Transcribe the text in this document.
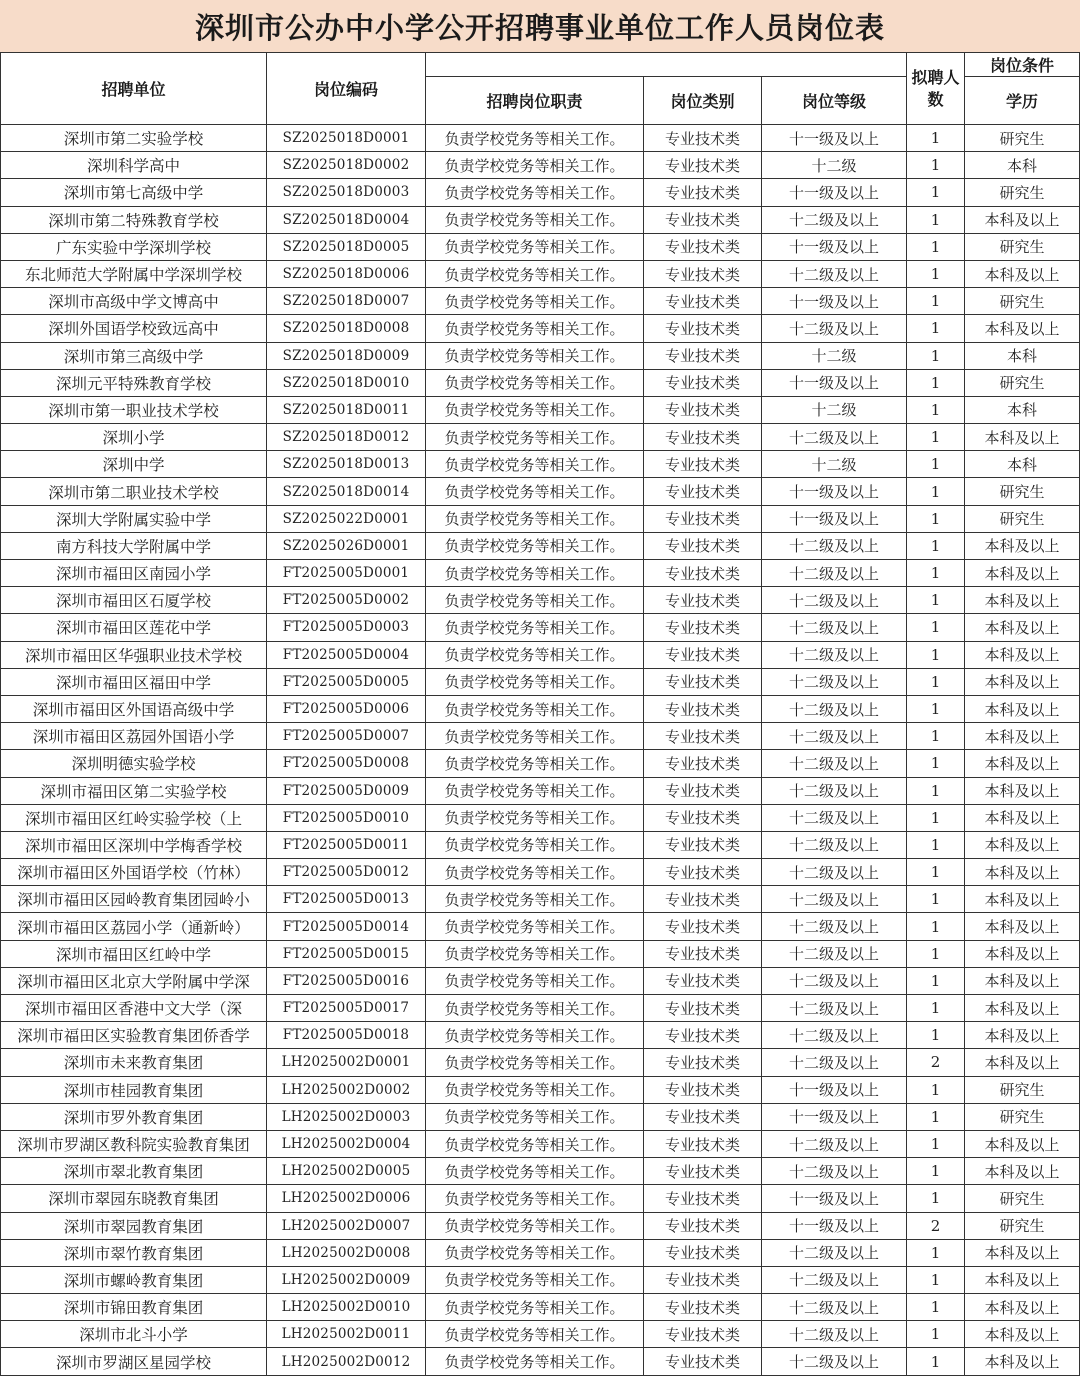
深圳市公办中小学公开招聘事业单位工作人员岗位表
招聘单位	岗位编码				拟聘人数	岗位条件
		招聘岗位职责	岗位类别	岗位等级		学历
深圳市第二实验学校	SZ2025018D0001	负责学校党务等相关工作。	专业技术类	十一级及以上	1	研究生
深圳科学高中	SZ2025018D0002	负责学校党务等相关工作。	专业技术类	十二级	1	本科
深圳市第七高级中学	SZ2025018D0003	负责学校党务等相关工作。	专业技术类	十一级及以上	1	研究生
深圳市第二特殊教育学校	SZ2025018D0004	负责学校党务等相关工作。	专业技术类	十二级及以上	1	本科及以上
广东实验中学深圳学校	SZ2025018D0005	负责学校党务等相关工作。	专业技术类	十一级及以上	1	研究生
东北师范大学附属中学深圳学校	SZ2025018D0006	负责学校党务等相关工作。	专业技术类	十二级及以上	1	本科及以上
深圳市高级中学文博高中	SZ2025018D0007	负责学校党务等相关工作。	专业技术类	十一级及以上	1	研究生
深圳外国语学校致远高中	SZ2025018D0008	负责学校党务等相关工作。	专业技术类	十二级及以上	1	本科及以上
深圳市第三高级中学	SZ2025018D0009	负责学校党务等相关工作。	专业技术类	十二级	1	本科
深圳元平特殊教育学校	SZ2025018D0010	负责学校党务等相关工作。	专业技术类	十一级及以上	1	研究生
深圳市第一职业技术学校	SZ2025018D0011	负责学校党务等相关工作。	专业技术类	十二级	1	本科
深圳小学	SZ2025018D0012	负责学校党务等相关工作。	专业技术类	十二级及以上	1	本科及以上
深圳中学	SZ2025018D0013	负责学校党务等相关工作。	专业技术类	十二级	1	本科
深圳市第二职业技术学校	SZ2025018D0014	负责学校党务等相关工作。	专业技术类	十一级及以上	1	研究生
深圳大学附属实验中学	SZ2025022D0001	负责学校党务等相关工作。	专业技术类	十一级及以上	1	研究生
南方科技大学附属中学	SZ2025026D0001	负责学校党务等相关工作。	专业技术类	十二级及以上	1	本科及以上
深圳市福田区南园小学	FT2025005D0001	负责学校党务等相关工作。	专业技术类	十二级及以上	1	本科及以上
深圳市福田区石厦学校	FT2025005D0002	负责学校党务等相关工作。	专业技术类	十二级及以上	1	本科及以上
深圳市福田区莲花中学	FT2025005D0003	负责学校党务等相关工作。	专业技术类	十二级及以上	1	本科及以上
深圳市福田区华强职业技术学校	FT2025005D0004	负责学校党务等相关工作。	专业技术类	十二级及以上	1	本科及以上
深圳市福田区福田中学	FT2025005D0005	负责学校党务等相关工作。	专业技术类	十二级及以上	1	本科及以上
深圳市福田区外国语高级中学	FT2025005D0006	负责学校党务等相关工作。	专业技术类	十二级及以上	1	本科及以上
深圳市福田区荔园外国语小学	FT2025005D0007	负责学校党务等相关工作。	专业技术类	十二级及以上	1	本科及以上
深圳明德实验学校	FT2025005D0008	负责学校党务等相关工作。	专业技术类	十二级及以上	1	本科及以上
深圳市福田区第二实验学校	FT2025005D0009	负责学校党务等相关工作。	专业技术类	十二级及以上	1	本科及以上
深圳市福田区红岭实验学校（上	FT2025005D0010	负责学校党务等相关工作。	专业技术类	十二级及以上	1	本科及以上
深圳市福田区深圳中学梅香学校	FT2025005D0011	负责学校党务等相关工作。	专业技术类	十二级及以上	1	本科及以上
深圳市福田区外国语学校（竹林）	FT2025005D0012	负责学校党务等相关工作。	专业技术类	十二级及以上	1	本科及以上
深圳市福田区园岭教育集团园岭小	FT2025005D0013	负责学校党务等相关工作。	专业技术类	十二级及以上	1	本科及以上
深圳市福田区荔园小学（通新岭）	FT2025005D0014	负责学校党务等相关工作。	专业技术类	十二级及以上	1	本科及以上
深圳市福田区红岭中学	FT2025005D0015	负责学校党务等相关工作。	专业技术类	十二级及以上	1	本科及以上
深圳市福田区北京大学附属中学深	FT2025005D0016	负责学校党务等相关工作。	专业技术类	十二级及以上	1	本科及以上
深圳市福田区香港中文大学（深	FT2025005D0017	负责学校党务等相关工作。	专业技术类	十二级及以上	1	本科及以上
深圳市福田区实验教育集团侨香学	FT2025005D0018	负责学校党务等相关工作。	专业技术类	十二级及以上	1	本科及以上
深圳市未来教育集团	LH2025002D0001	负责学校党务等相关工作。	专业技术类	十二级及以上	2	本科及以上
深圳市桂园教育集团	LH2025002D0002	负责学校党务等相关工作。	专业技术类	十一级及以上	1	研究生
深圳市罗外教育集团	LH2025002D0003	负责学校党务等相关工作。	专业技术类	十一级及以上	1	研究生
深圳市罗湖区教科院实验教育集团	LH2025002D0004	负责学校党务等相关工作。	专业技术类	十二级及以上	1	本科及以上
深圳市翠北教育集团	LH2025002D0005	负责学校党务等相关工作。	专业技术类	十二级及以上	1	本科及以上
深圳市翠园东晓教育集团	LH2025002D0006	负责学校党务等相关工作。	专业技术类	十一级及以上	1	研究生
深圳市翠园教育集团	LH2025002D0007	负责学校党务等相关工作。	专业技术类	十一级及以上	2	研究生
深圳市翠竹教育集团	LH2025002D0008	负责学校党务等相关工作。	专业技术类	十二级及以上	1	本科及以上
深圳市螺岭教育集团	LH2025002D0009	负责学校党务等相关工作。	专业技术类	十二级及以上	1	本科及以上
深圳市锦田教育集团	LH2025002D0010	负责学校党务等相关工作。	专业技术类	十二级及以上	1	本科及以上
深圳市北斗小学	LH2025002D0011	负责学校党务等相关工作。	专业技术类	十二级及以上	1	本科及以上
深圳市罗湖区星园学校	LH2025002D0012	负责学校党务等相关工作。	专业技术类	十二级及以上	1	本科及以上
